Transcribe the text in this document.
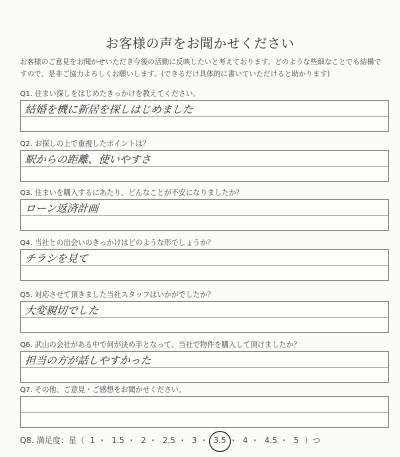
お客様の声をお聞かせください
お客様のご意見をお聞かせいただき今後の活動に反映したいと考えております。どのような些細なことでも結構ですので、是非ご協力よろしくお願いします。(できるだけ具体的に書いていただけると助かります)
Q1. 住まい探しをはじめたきっかけを教えてください。
結婚を機に新居を探しはじめました
Q2. お探しの上で重視したポイントは？
駅からの距離、使いやすさ
Q3. 住まいを購入するにあたり、どんなことが不安になりましたか？
ローン返済計画
Q4. 当社との出会いのきっかけはどのような形でしょうか？
チラシを見て
Q5. 対応させて頂きました当社スタッフはいかがでしたか？
大変親切でした
Q6. 武山の会社がある中で何が決め手となって、当社で物件を購入して頂けましたか？
担当の方が話しやすかった
Q7. その他、ご意見・ご感想をお聞かせください。
Q8. 満足度：星（ 1 ・ 1.5 ・ 2 ・ 2.5 ・ 3 ・
3.5 ・ 4 ・ 4.5 ・ 5 ）つ
